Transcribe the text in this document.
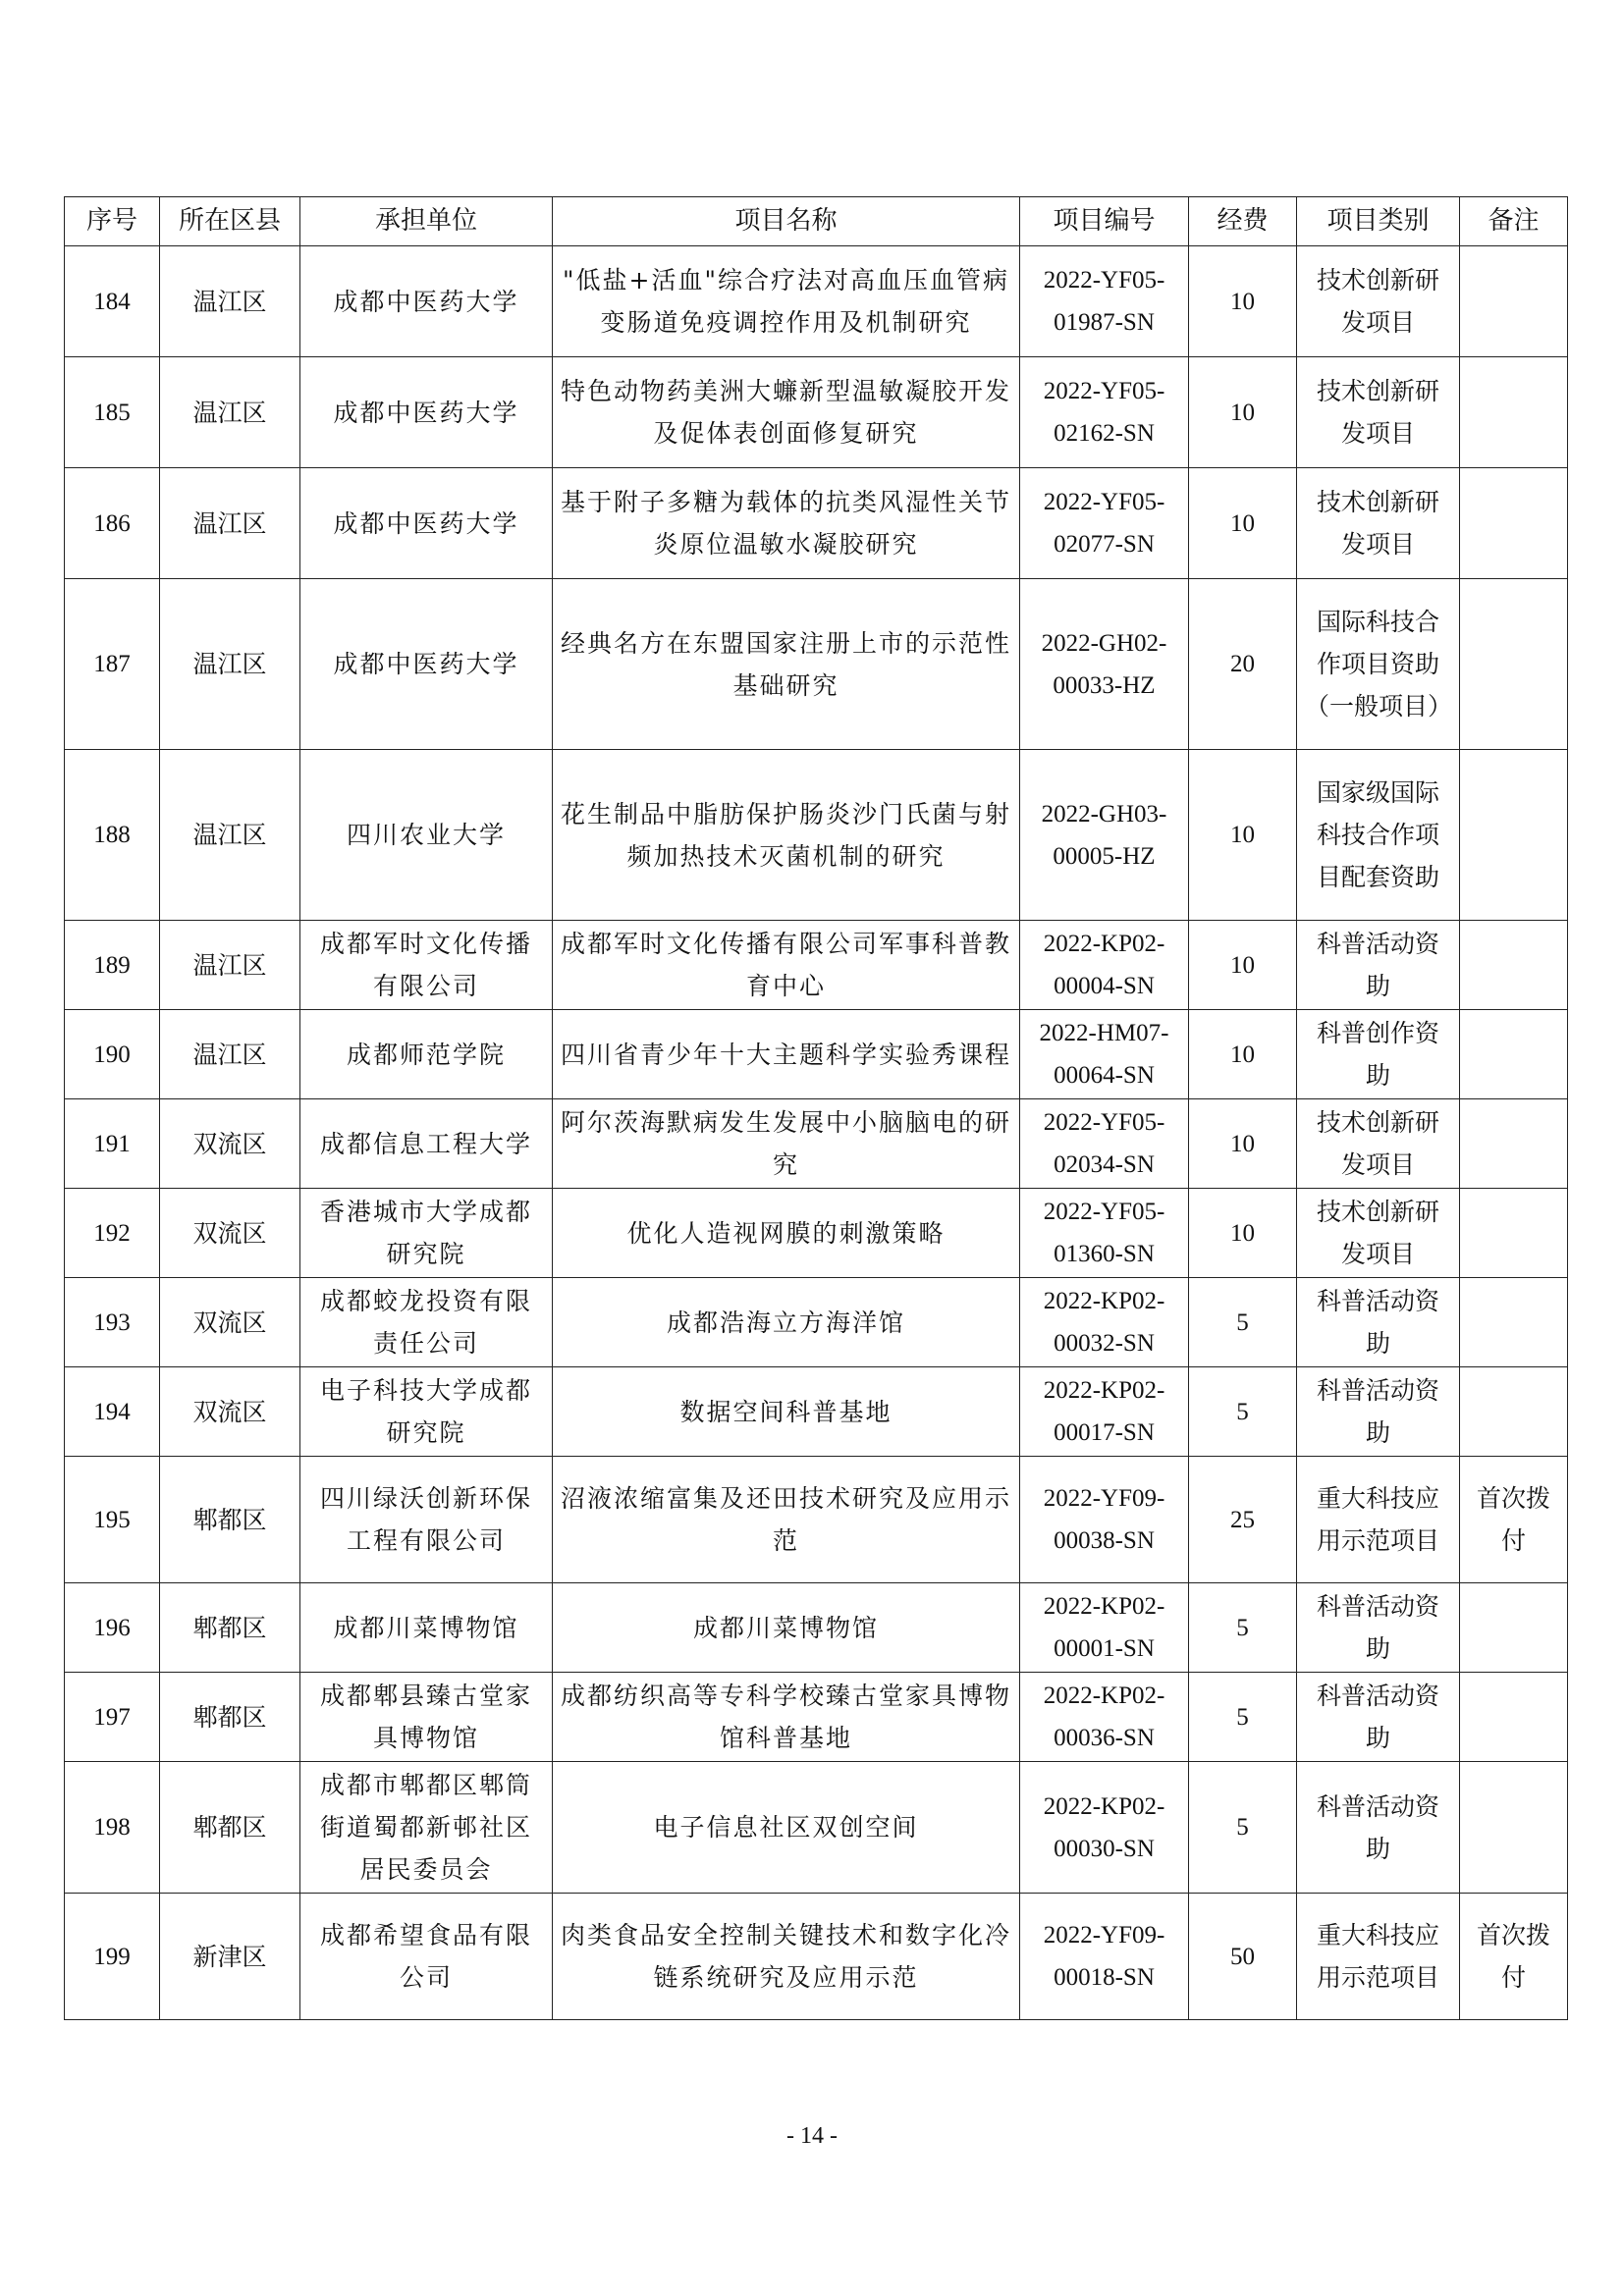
序号	所在区县	承担单位	项目名称	项目编号	经费	项目类别	备注
184	温江区	成都中医药大学	"低盐+活血"综合疗法对高血压血管病变肠道免疫调控作用及机制研究	2022-YF05-01987-SN	10	技术创新研发项目	
185	温江区	成都中医药大学	特色动物药美洲大蠊新型温敏凝胶开发及促体表创面修复研究	2022-YF05-02162-SN	10	技术创新研发项目	
186	温江区	成都中医药大学	基于附子多糖为载体的抗类风湿性关节炎原位温敏水凝胶研究	2022-YF05-02077-SN	10	技术创新研发项目	
187	温江区	成都中医药大学	经典名方在东盟国家注册上市的示范性基础研究	2022-GH02-00033-HZ	20	国际科技合作项目资助（一般项目）	
188	温江区	四川农业大学	花生制品中脂肪保护肠炎沙门氏菌与射频加热技术灭菌机制的研究	2022-GH03-00005-HZ	10	国家级国际科技合作项目配套资助	
189	温江区	成都军时文化传播有限公司	成都军时文化传播有限公司军事科普教育中心	2022-KP02-00004-SN	10	科普活动资助	
190	温江区	成都师范学院	四川省青少年十大主题科学实验秀课程	2022-HM07-00064-SN	10	科普创作资助	
191	双流区	成都信息工程大学	阿尔茨海默病发生发展中小脑脑电的研究	2022-YF05-02034-SN	10	技术创新研发项目	
192	双流区	香港城市大学成都研究院	优化人造视网膜的刺激策略	2022-YF05-01360-SN	10	技术创新研发项目	
193	双流区	成都蛟龙投资有限责任公司	成都浩海立方海洋馆	2022-KP02-00032-SN	5	科普活动资助	
194	双流区	电子科技大学成都研究院	数据空间科普基地	2022-KP02-00017-SN	5	科普活动资助	
195	郫都区	四川绿沃创新环保工程有限公司	沼液浓缩富集及还田技术研究及应用示范	2022-YF09-00038-SN	25	重大科技应用示范项目	首次拨付
196	郫都区	成都川菜博物馆	成都川菜博物馆	2022-KP02-00001-SN	5	科普活动资助	
197	郫都区	成都郫县臻古堂家具博物馆	成都纺织高等专科学校臻古堂家具博物馆科普基地	2022-KP02-00036-SN	5	科普活动资助	
198	郫都区	成都市郫都区郫筒街道蜀都新邨社区居民委员会	电子信息社区双创空间	2022-KP02-00030-SN	5	科普活动资助	
199	新津区	成都希望食品有限公司	肉类食品安全控制关键技术和数字化冷链系统研究及应用示范	2022-YF09-00018-SN	50	重大科技应用示范项目	首次拨付
- 14 -
